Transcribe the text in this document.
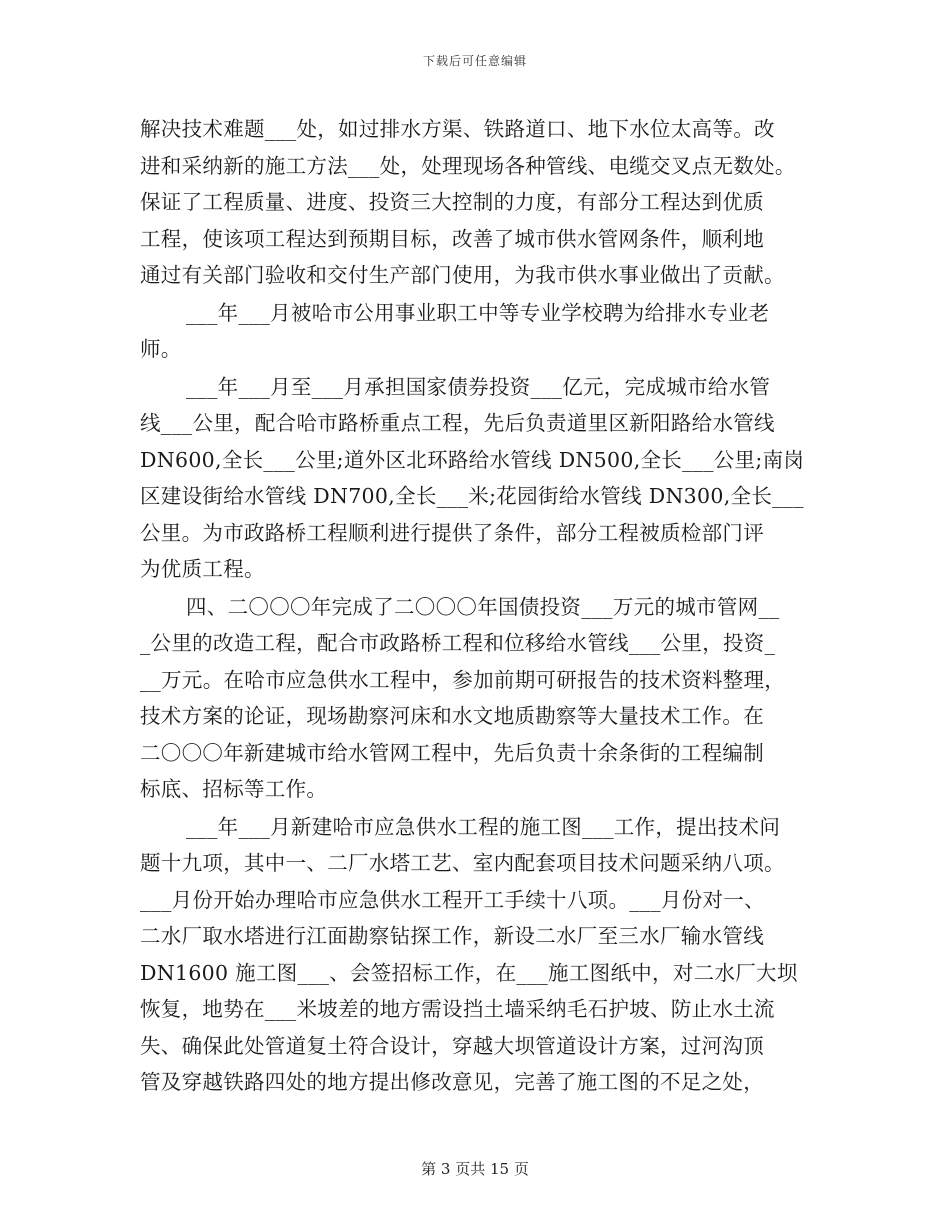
下载后可任意编辑
解决技术难题___处，如过排水方渠、铁路道口、地下水位太高等。改
进和采纳新的施工方法___处，处理现场各种管线、电缆交叉点无数处。
保证了工程质量、进度、投资三大控制的力度，有部分工程达到优质
工程，使该项工程达到预期目标，改善了城市供水管网条件，顺利地
通过有关部门验收和交付生产部门使用，为我市供水事业做出了贡献。
___年___月被哈市公用事业职工中等专业学校聘为给排水专业老
师。
___年___月至___月承担国家债券投资___亿元，完成城市给水管
线___公里，配合哈市路桥重点工程，先后负责道里区新阳路给水管线
DN600,全长___公里;道外区北环路给水管线 DN500,全长___公里;南岗
区建设街给水管线 DN700,全长___米;花园街给水管线 DN300,全长___
公里。为市政路桥工程顺利进行提供了条件，部分工程被质检部门评
为优质工程。
四、二〇〇〇年完成了二〇〇〇年国债投资___万元的城市管网__
_公里的改造工程，配合市政路桥工程和位移给水管线___公里，投资_
__万元。在哈市应急供水工程中，参加前期可研报告的技术资料整理，
技术方案的论证，现场勘察河床和水文地质勘察等大量技术工作。在
二〇〇〇年新建城市给水管网工程中，先后负责十余条街的工程编制
标底、招标等工作。
___年___月新建哈市应急供水工程的施工图___工作，提出技术问
题十九项，其中一、二厂水塔工艺、室内配套项目技术问题采纳八项。
___月份开始办理哈市应急供水工程开工手续十八项。___月份对一、
二水厂取水塔进行江面勘察钻探工作，新设二水厂至三水厂输水管线
DN1600 施工图___、会签招标工作，在___施工图纸中，对二水厂大坝
恢复，地势在___米坡差的地方需设挡土墙采纳毛石护坡、防止水土流
失、确保此处管道复土符合设计，穿越大坝管道设计方案，过河沟顶
管及穿越铁路四处的地方提出修改意见，完善了施工图的不足之处，
第 3 页共 15 页
